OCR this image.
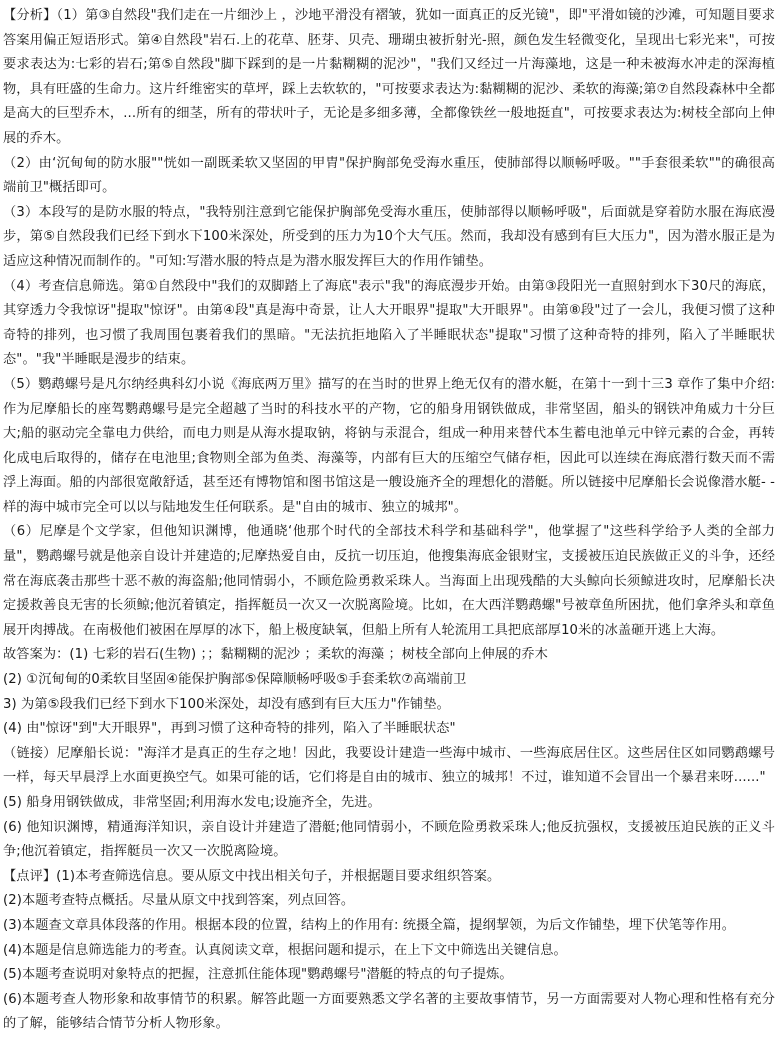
【分析】（1）第③自然段"我们走在一片细沙上 ，沙地平滑没有褶皱，犹如一面真正的反光镜"，即"平滑如镜的沙滩，可知题目要求答案用偏正短语形式。第④自然段"岩石.上的花草、胚芽、贝壳、珊瑚虫被折射光-照，颜色发生轻微变化，呈现出七彩光来"，可按要求表达为:七彩的岩石;第⑤自然段"脚下踩到的是一片黏糊糊的泥沙"，"我们又经过一片海藻地，这是一种未被海水冲走的深海植物，具有旺盛的生命力。这片纤维密实的草坪，踩上去软软的，"可按要求表达为:黏糊糊的泥沙、柔软的海藻;第⑦自然段森林中全都是高大的巨型乔木，...所有的细茎，所有的带状叶子，无论是多细多薄，全都像铁丝一般地挺直"，可按要求表达为:树枝全部向上伸展的乔木。

（2）由‘沉甸甸的防水服""恍如一副既柔软又坚固的甲胄"保护胸部免受海水重压，使肺部得以顺畅呼吸。""手套很柔软""的确很高端前卫"概括即可。

（3）本段写的是防水服的特点，"我特别注意到它能保护胸部免受海水重压，使肺部得以顺畅呼吸"，后面就是穿着防水服在海底漫步，第⑤自然段我们已经下到水下100米深处，所受到的压力为10个大气压。然而，我却没有感到有巨大压力"，因为潜水服正是为适应这种情况而制作的。"可知:写潜水服的特点是为潜水服发挥巨大的作用作铺垫。

（4）考查信息筛选。第①自然段中"我们的双脚踏上了海底"表示"我"的海底漫步开始。由第③段阳光一直照射到水下30尺的海底，其穿透力令我惊讶"提取"惊讶"。由第④段"真是海中奇景，让人大开眼界"提取"大开眼界"。由第⑧段"过了一会儿，我便习惯了这种奇特的排列，也习惯了我周围包裹着我们的黑暗。"无法抗拒地陷入了半睡眠状态"提取"习惯了这种奇特的排列，陷入了半睡眠状态"。"我"半睡眠是漫步的结束。

（5）鹦鹉螺号是凡尔纳经典科幻小说《海底两万里》描写的在当时的世界上绝无仅有的潜水艇，在第十一到十三3 章作了集中介绍:作为尼摩船长的座驾鹦鹉螺号是完全超越了当时的科技水平的产物，它的船身用钢铁做成，非常坚固，船头的钢铁冲角威力十分巨大;船的驱动完全靠电力供给，而电力则是从海水提取钠，将钠与汞混合，组成一种用来替代本生蓄电池单元中锌元素的合金，再转化成电后取得的，储存在电池里;食物则全部为鱼类、海藻等，内部有巨大的压缩空气储存柜，因此可以连续在海底潜行数天而不需浮上海面。船的内部很宽敞舒适，甚至还有博物馆和图书馆这是一艘设施齐全的理想化的潜艇。所以链接中尼摩船长会说像潜水艇- -样的海中城市完全可以以与陆地发生任何联系。是"自由的城市、独立的城邦"。

（6）尼摩是个文学家，但他知识渊博，他通晓‘他那个时代的全部技术科学和基础科学"，他掌握了"这些科学给予人类的全部力量"，鹦鹉螺号就是他亲自设计并建造的;尼摩热爱自由，反抗一切压迫，他搜集海底金银财宝，支援被压迫民族做正义的斗争，还经常在海底袭击那些十恶不赦的海盗船;他同情弱小，不顾危险勇救采珠人。当海面上出现残酷的大头鲸向长须鲸进攻时，尼摩船长决定援救善良无害的长须鲸;他沉着镇定，指挥艇员一次又一次脱离险境。比如，在大西洋鹦鹉螺"号被章鱼所困扰，他们拿斧头和章鱼展开肉搏战。在南极他们被困在厚厚的冰下，船上极度缺氧，但船上所有人轮流用工具把底部厚10米的冰盖砸开逃上大海。

故答案为：(1) 七彩的岩石(生物) ；；黏糊糊的泥沙 ；柔软的海藻 ；树枝全部向上伸展的乔木

(2) ①沉甸甸的0柔软目坚固④能保护胸部⑤保障顺畅呼吸⑤手套柔软⑦高端前卫

3) 为第⑤段我们已经下到水下100米深处，却没有感到有巨大压力"作铺垫。

(4) 由"惊讶"到"大开眼界"，再到习惯了这种奇特的排列，陷入了半睡眠状态"

（链接）尼摩船长说："海洋才是真正的生存之地！因此，我要设计建造一些海中城市、一些海底居住区。这些居住区如同鹦鹉螺号一样，每天早晨浮上水面更换空气。如果可能的话，它们将是自由的城市、独立的城邦！不过，谁知道不会冒出一个暴君来呀......"

(5) 船身用钢铁做成，非常坚固;利用海水发电;设施齐全，先进。

(6) 他知识渊博，精通海洋知识，亲自设计并建造了潜艇;他同情弱小，不顾危险勇救采珠人;他反抗强权，支援被压迫民族的正义斗争;他沉着镇定，指挥艇员一次又一次脱离险境。

【点评】(1)本考查筛选信息。要从原文中找出相关句子，并根据题目要求组织答案。

(2)本题考查特点概括。尽量从原文中找到答案，列点回答。

(3)本题查文章具体段落的作用。根据本段的位置，结构上的作用有: 统摄全篇，提纲挈领，为后文作铺垫，埋下伏笔等作用。

(4)本题是信息筛选能力的考查。认真阅读文章，根据问题和提示，在上下文中筛选出关键信息。

(5)本题考查说明对象特点的把握，注意抓住能体现"鹦鹉螺号"潜艇的特点的句子提炼。

(6)本题考查人物形象和故事情节的积累。解答此题一方面要熟悉文学名著的主要故事情节，另一方面需要对人物心理和性格有充分的了解，能够结合情节分析人物形象。
